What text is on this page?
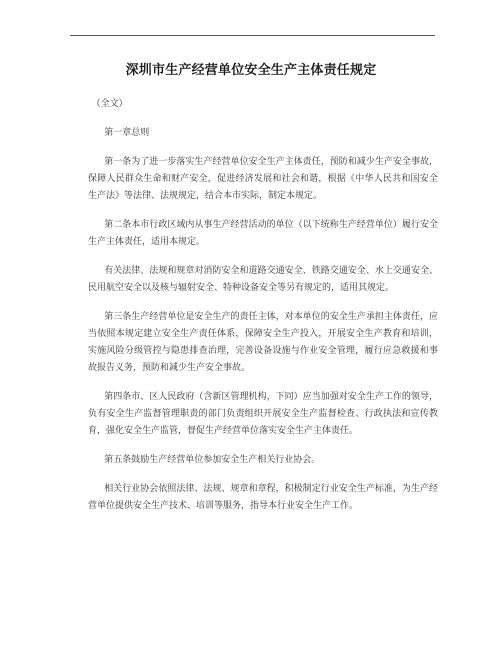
深圳市生产经营单位安全生产主体责任规定

（全文）

第一章总则

第一条为了进一步落实生产经营单位安全生产主体责任，预防和减少生产安全事故，保障人民群众生命和财产安全，促进经济发展和社会和谐，根据《中华人民共和国安全生产法》等法律、法规规定，结合本市实际，制定本规定。

第二条本市行政区域内从事生产经营活动的单位（以下统称生产经营单位）履行安全生产主体责任，适用本规定。

有关法律、法规和规章对消防安全和道路交通安全、铁路交通安全、水上交通安全、民用航空安全以及核与辐射安全、特种设备安全等另有规定的，适用其规定。

第三条生产经营单位是安全生产的责任主体，对本单位的安全生产承担主体责任，应当依照本规定建立安全生产责任体系，保障安全生产投入，开展安全生产教育和培训，实施风险分级管控与隐患排查治理，完善设备设施与作业安全管理，履行应急救援和事故报告义务，预防和减少生产安全事故。

第四条市、区人民政府（含新区管理机构，下同）应当加强对安全生产工作的领导，负有安全生产监督管理职责的部门负责组织开展安全生产监督检查、行政执法和宣传教育，强化安全生产监管，督促生产经营单位落实安全生产主体责任。

第五条鼓励生产经营单位参加安全生产相关行业协会。

相关行业协会依照法律、法规、规章和章程，积极制定行业安全生产标准，为生产经营单位提供安全生产技术、培训等服务，指导本行业安全生产工作。
